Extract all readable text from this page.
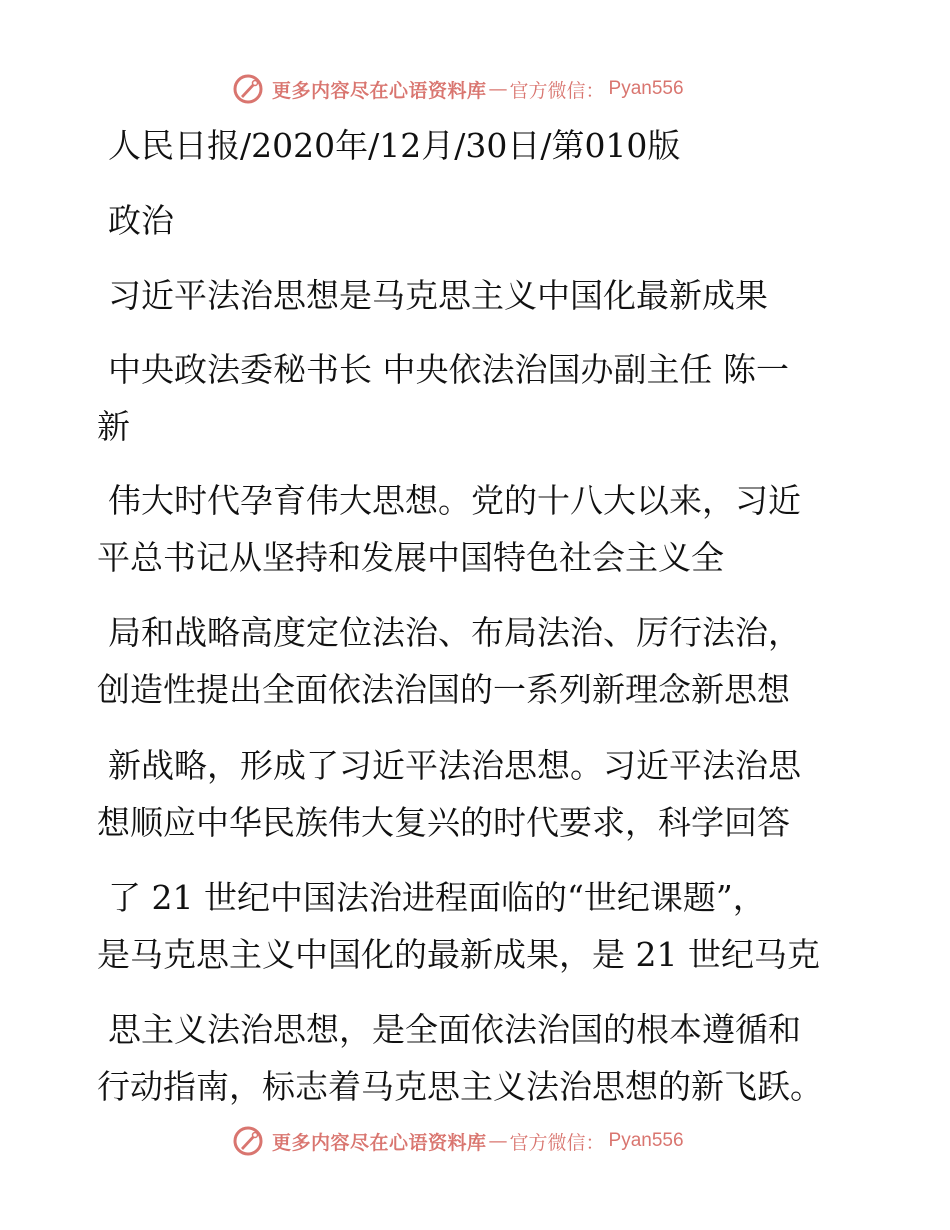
更多内容尽在心语资料库 — 官方微信： Pyan556
人民日报/2020年/12月/30日/第010版
政治
习近平法治思想是马克思主义中国化最新成果
中央政法委秘书长 中央依法治国办副主任 陈一
新
伟大时代孕育伟大思想。党的十八大以来，习近
平总书记从坚持和发展中国特色社会主义全
局和战略高度定位法治、布局法治、厉行法治，
创造性提出全面依法治国的一系列新理念新思想
新战略，形成了习近平法治思想。习近平法治思
想顺应中华民族伟大复兴的时代要求，科学回答
了 21 世纪中国法治进程面临的“世纪课题”，
是马克思主义中国化的最新成果，是 21 世纪马克
思主义法治思想，是全面依法治国的根本遵循和
行动指南，标志着马克思主义法治思想的新飞跃。
更多内容尽在心语资料库 — 官方微信： Pyan556
